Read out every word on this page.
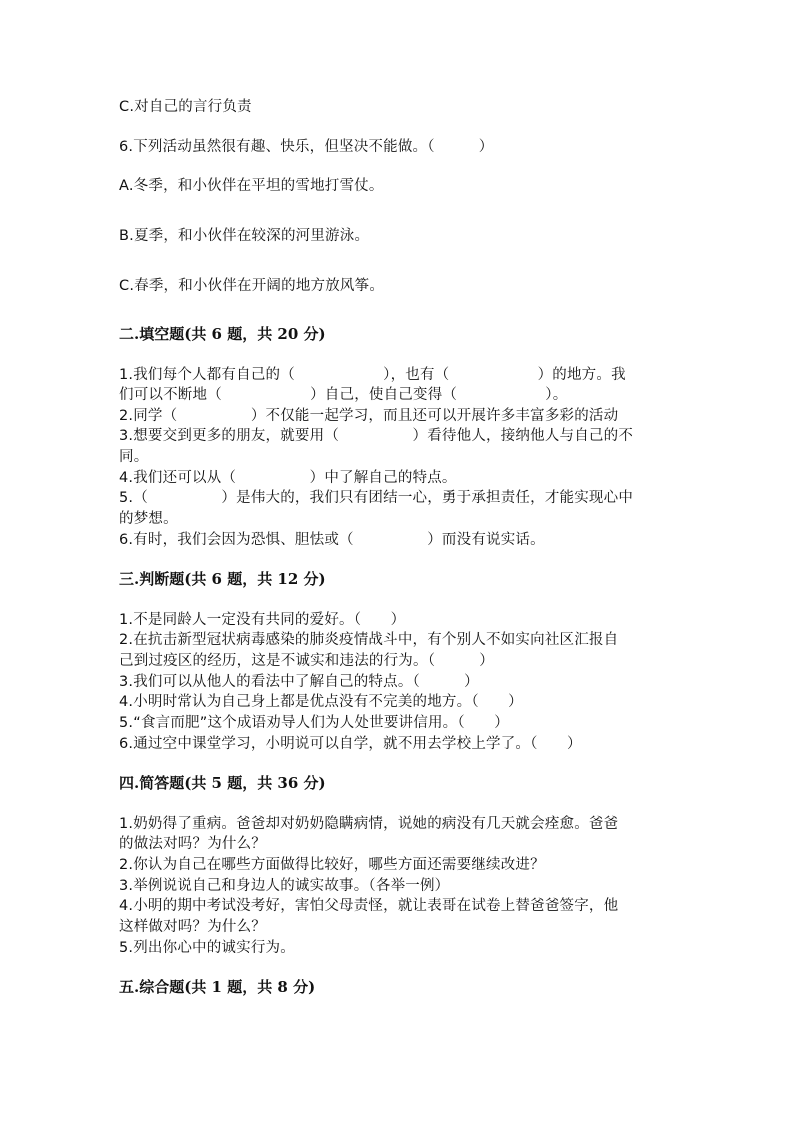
C.对自己的言行负责
6.下列活动虽然很有趣、快乐，但坚决不能做。（　　　）
A.冬季，和小伙伴在平坦的雪地打雪仗。
B.夏季，和小伙伴在较深的河里游泳。
C.春季，和小伙伴在开阔的地方放风筝。
二.填空题(共 6 题，共 20 分)
1.我们每个人都有自己的（　　　　　　），也有（　　　　　　）的地方。我
们可以不断地（　　　　　　）自己，使自己变得（　　　　　　）。
2.同学（　　　　　）不仅能一起学习，而且还可以开展许多丰富多彩的活动
3.想要交到更多的朋友，就要用（　　　　　）看待他人，接纳他人与自己的不
同。
4.我们还可以从（　　　　　）中了解自己的特点。
5.（　　　　　）是伟大的，我们只有团结一心，勇于承担责任，才能实现心中
的梦想。
6.有时，我们会因为恐惧、胆怯或（　　　　　）而没有说实话。
三.判断题(共 6 题，共 12 分)
1.不是同龄人一定没有共同的爱好。（　　）
2.在抗击新型冠状病毒感染的肺炎疫情战斗中，有个别人不如实向社区汇报自
己到过疫区的经历，这是不诚实和违法的行为。（　　　）
3.我们可以从他人的看法中了解自己的特点。（　　　）
4.小明时常认为自己身上都是优点没有不完美的地方。（　　）
5.“食言而肥”这个成语劝导人们为人处世要讲信用。（　　）
6.通过空中课堂学习，小明说可以自学，就不用去学校上学了。（　　）
四.简答题(共 5 题，共 36 分)
1.奶奶得了重病。爸爸却对奶奶隐瞒病情，说她的病没有几天就会痊愈。爸爸
的做法对吗？为什么？
2.你认为自己在哪些方面做得比较好，哪些方面还需要继续改进？
3.举例说说自己和身边人的诚实故事。（各举一例）
4.小明的期中考试没考好，害怕父母责怪，就让表哥在试卷上替爸爸签字，他
这样做对吗？为什么？
5.列出你心中的诚实行为。
五.综合题(共 1 题，共 8 分)
